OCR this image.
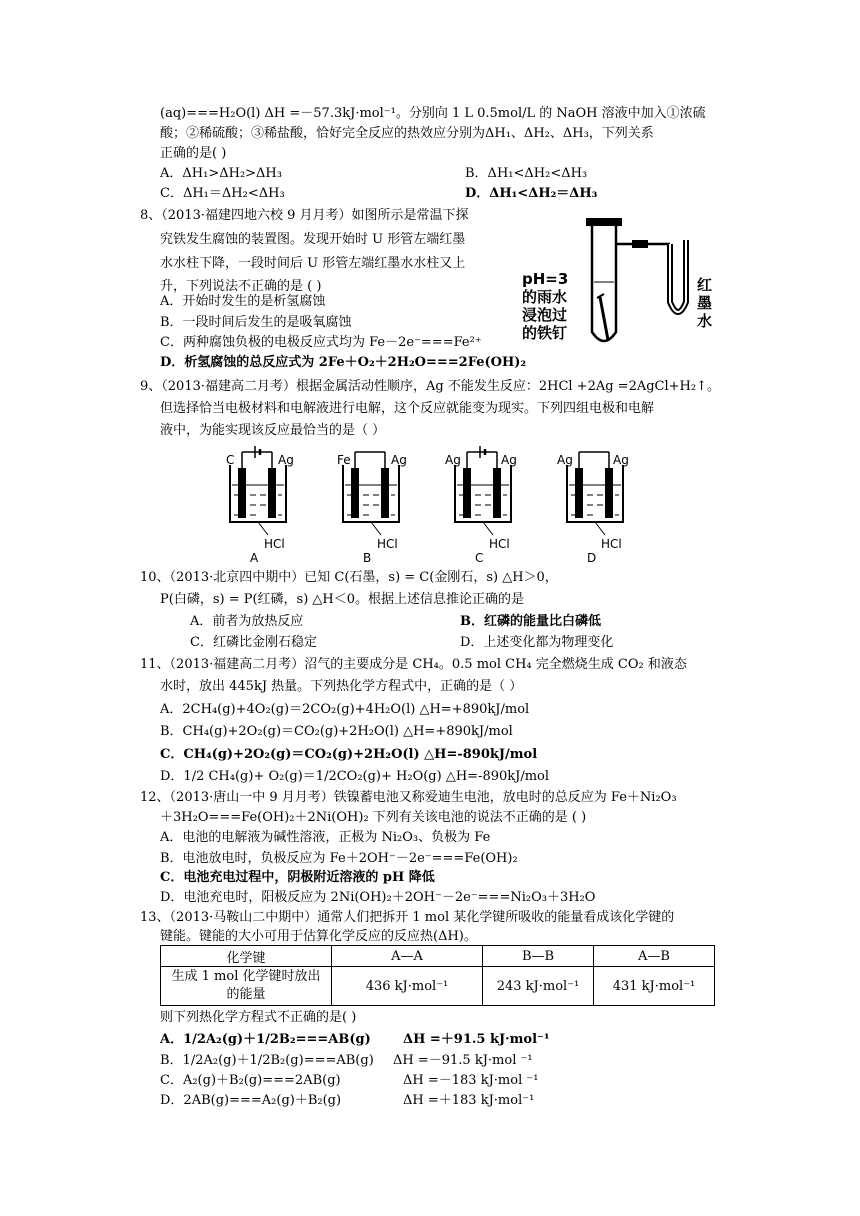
(aq)===H₂O(l) ΔH =－57.3kJ·mol⁻¹。分别向 1 L 0.5mol/L 的 NaOH 溶液中加入①浓硫
酸；②稀硫酸；③稀盐酸，恰好完全反应的热效应分别为ΔH₁、ΔH₂、ΔH₃，下列关系
正确的是( )
A．ΔH₁>ΔH₂>ΔH₃	B．ΔH₁<ΔH₂<ΔH₃
C．ΔH₁＝ΔH₂<ΔH₃	D．ΔH₁<ΔH₂＝ΔH₃
8、（2013·福建四地六校 9 月月考）如图所示是常温下探
究铁发生腐蚀的装置图。发现开始时 U 形管左端红墨
水水柱下降，一段时间后 U 形管左端红墨水水柱又上
升，下列说法不正确的是 ( )
A．开始时发生的是析氢腐蚀
B．一段时间后发生的是吸氧腐蚀
C．两种腐蚀负极的电极反应式均为 Fe－2e⁻===Fe²⁺
D．析氢腐蚀的总反应式为 2Fe＋O₂＋2H₂O===2Fe(OH)₂
pH=3
的雨水
浸泡过
的铁钉
红
墨
水
9、（2013·福建高二月考）根据金属活动性顺序，Ag 不能发生反应：2HCl +2Ag =2AgCl+H₂↑。
但选择恰当电极材料和电解液进行电解，这个反应就能变为现实。下列四组电极和电解
液中，为能实现该反应最恰当的是（ ）
C	Ag
HCl
A
Fe	Ag
HCl
B
Ag	Ag
HCl
C
Ag	Ag
HCl
D
10、（2013·北京四中期中）已知 C(石墨，s) = C(金刚石，s) △H＞0，
P(白磷，s) = P(红磷，s) △H＜0。根据上述信息推论正确的是
A．前者为放热反应	B．红磷的能量比白磷低
C．红磷比金刚石稳定	D．上述变化都为物理变化
11、（2013·福建高二月考）沼气的主要成分是 CH₄。0.5 mol CH₄ 完全燃烧生成 CO₂ 和液态
水时，放出 445kJ 热量。下列热化学方程式中，正确的是（ ）
A．2CH₄(g)+4O₂(g)＝2CO₂(g)+4H₂O(l) △H=+890kJ/mol
B．CH₄(g)+2O₂(g)＝CO₂(g)+2H₂O(l) △H=+890kJ/mol
C．CH₄(g)+2O₂(g)＝CO₂(g)+2H₂O(l) △H=-890kJ/mol
D．1/2 CH₄(g)+ O₂(g)＝1/2CO₂(g)+ H₂O(g) △H=-890kJ/mol
12、（2013·唐山一中 9 月月考）铁镍蓄电池又称爱迪生电池，放电时的总反应为 Fe＋Ni₂O₃
＋3H₂O===Fe(OH)₂＋2Ni(OH)₂ 下列有关该电池的说法不正确的是 ( )
A．电池的电解液为碱性溶液，正极为 Ni₂O₃、负极为 Fe
B．电池放电时，负极反应为 Fe＋2OH⁻－2e⁻===Fe(OH)₂
C．电池充电过程中，阴极附近溶液的 pH 降低
D．电池充电时，阳极反应为 2Ni(OH)₂＋2OH⁻－2e⁻===Ni₂O₃＋3H₂O
13、（2013·马鞍山二中期中）通常人们把拆开 1 mol 某化学键所吸收的能量看成该化学键的
键能。键能的大小可用于估算化学反应的反应热(ΔH)。
化学键	A—A	B—B	A—B

生成 1 mol 化学键时放出
的能量	436 kJ·mol⁻¹	243 kJ·mol⁻¹	431 kJ·mol⁻¹
则下列热化学方程式不正确的是( )
A．1/2A₂(g)＋1/2B₂===AB(g) ΔH =＋91.5 kJ·mol⁻¹
B．1/2A₂(g)＋1/2B₂(g)===AB(g) ΔH =－91.5 kJ·mol ⁻¹
C．A₂(g)＋B₂(g)===2AB(g)	ΔH =－183 kJ·mol ⁻¹
D．2AB(g)===A₂(g)＋B₂(g)	ΔH =＋183 kJ·mol⁻¹
